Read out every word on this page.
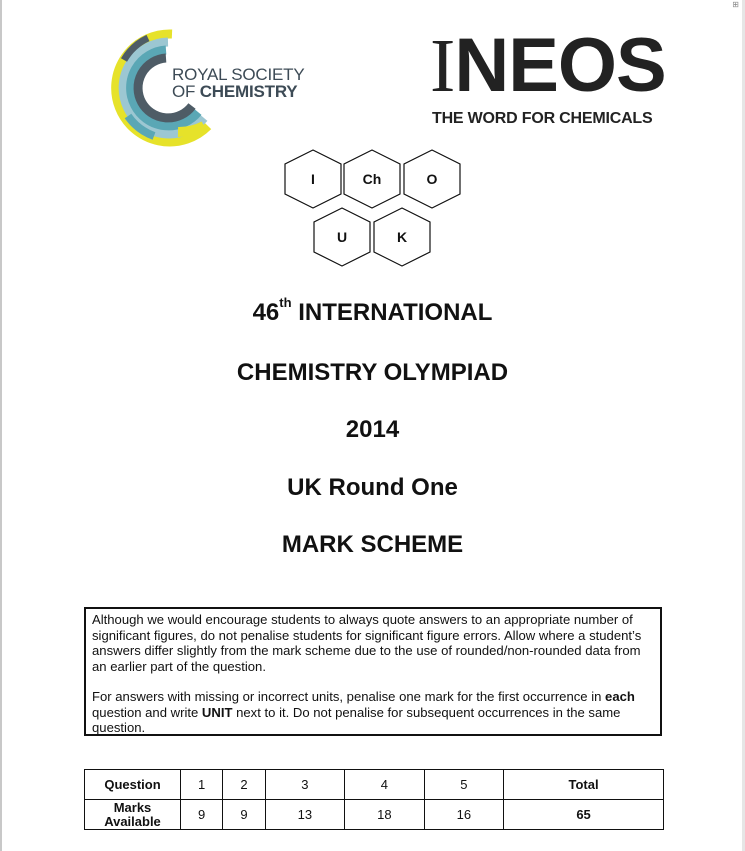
⊞
ROYAL SOCIETY
OF CHEMISTRY INEOS
THE WORD FOR CHEMICALS
I	Ch	O
U	K
46th INTERNATIONAL
CHEMISTRY OLYMPIAD
2014
UK Round One
MARK SCHEME

Although we would encourage students to always quote answers to an appropriate number of significant figures, do not penalise students for significant figure errors. Allow where a student’s answers differ slightly from the mark scheme due to the use of rounded/non-rounded data from an earlier part of the question.

For answers with missing or incorrect units, penalise one mark for the first occurrence in each question and write UNIT next to it. Do not penalise for subsequent occurrences in the same question.

Question	1	2	3	4	5	Total
Marks
Available	9	9	13	18	16	65
